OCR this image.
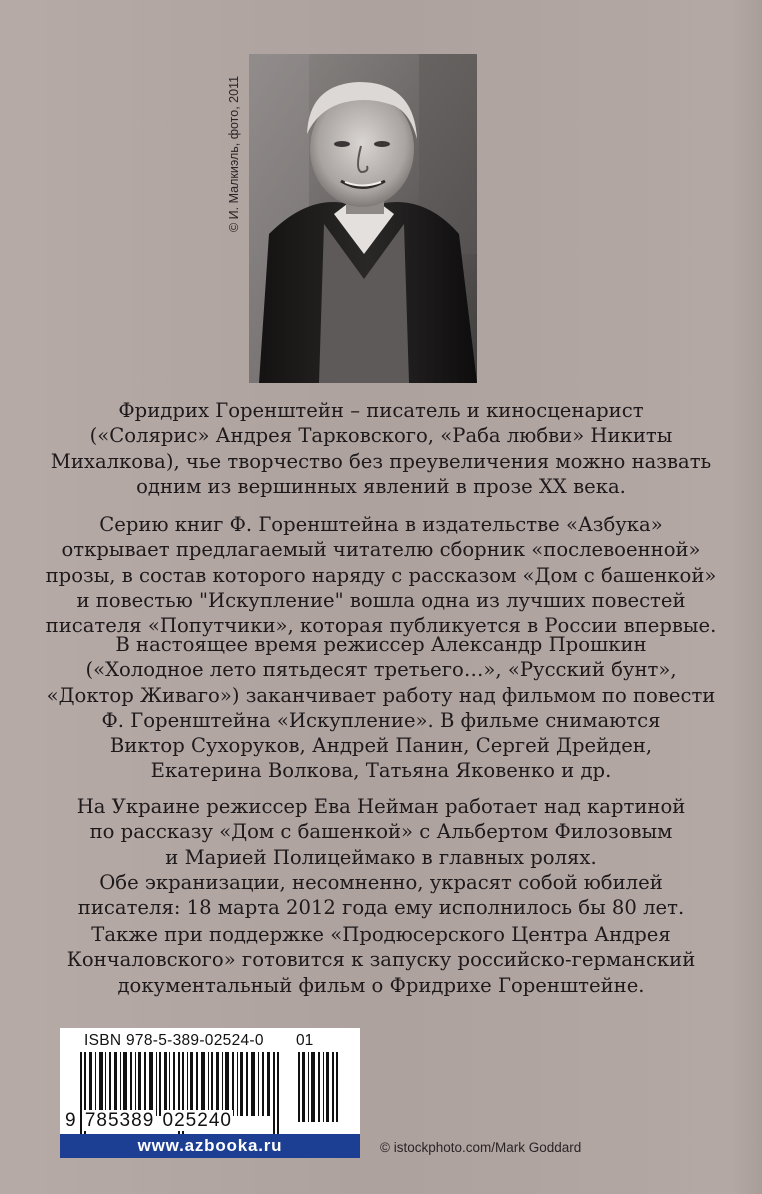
© И. Малкиэль, фото, 2011
Фридрих Горенштейн – писатель и киносценарист
(«Солярис» Андрея Тарковского, «Раба любви» Никиты
Михалкова), чье творчество без преувеличения можно назвать
одним из вершинных явлений в прозе XX века.
Серию книг Ф. Горенштейна в издательстве «Азбука»
открывает предлагаемый читателю сборник «послевоенной»
прозы, в состав которого наряду с рассказом «Дом с башенкой»
и повестью "Искупление" вошла одна из лучших повестей
писателя «Попутчики», которая публикуется в России впервые.
В настоящее время режиссер Александр Прошкин
(«Холодное лето пятьдесят третьего…», «Русский бунт»,
«Доктор Живаго») заканчивает работу над фильмом по повести
Ф. Горенштейна «Искупление». В фильме снимаются
Виктор Сухоруков, Андрей Панин, Сергей Дрейден,
Екатерина Волкова, Татьяна Яковенко и др.
На Украине режиссер Ева Нейман работает над картиной
по рассказу «Дом с башенкой» с Альбертом Филозовым
и Марией Полицеймако в главных ролях.
Обе экранизации, несомненно, украсят собой юбилей
писателя: 18 марта 2012 года ему исполнилось бы 80 лет.
Также при поддержке «Продюсерского Центра Андрея
Кончаловского» готовится к запуску российско-германский
документальный фильм о Фридрихе Горенштейне.
ISBN 978-5-389-02524-0 01
9 785389 025240
www.azbooka.ru	© istockphoto.com/Mark Goddard
